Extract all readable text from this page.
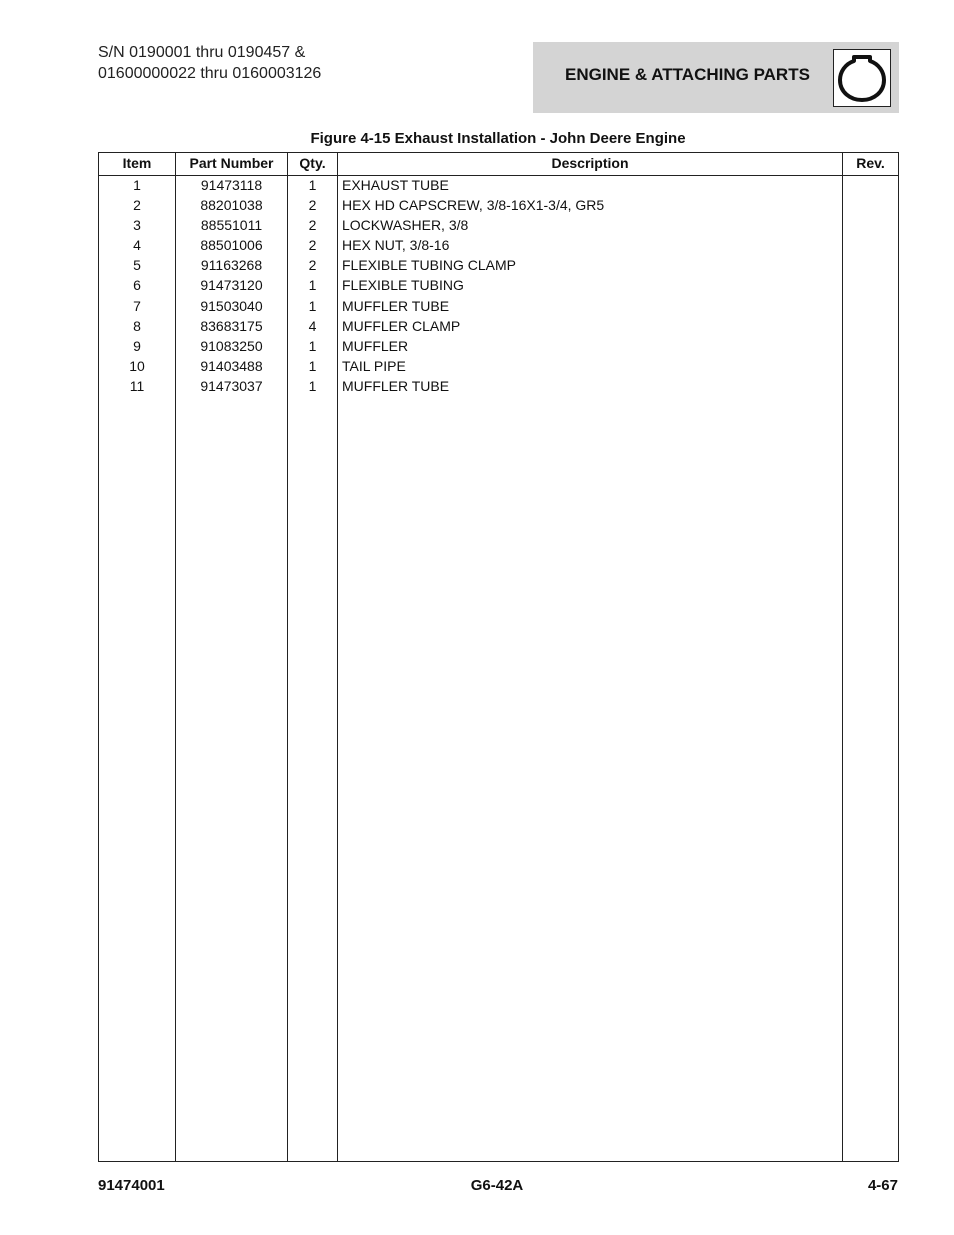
S/N 0190001 thru 0190457 &
01600000022 thru 0160003126	ENGINE & ATTACHING PARTS
Figure 4-15 Exhaust Installation - John Deere Engine
Item	Part Number	Qty.	Description	Rev.
1	91473118	1	EXHAUST TUBE
2	88201038	2	HEX HD CAPSCREW, 3/8-16X1-3/4, GR5
3	88551011	2	LOCKWASHER, 3/8
4	88501006	2	HEX NUT, 3/8-16
5	91163268	2	FLEXIBLE TUBING CLAMP
6	91473120	1	FLEXIBLE TUBING
7	91503040	1	MUFFLER TUBE
8	83683175	4	MUFFLER CLAMP
9	91083250	1	MUFFLER
10	91403488	1	TAIL PIPE
11	91473037	1	MUFFLER TUBE
91474001	G6-42A	4-67
